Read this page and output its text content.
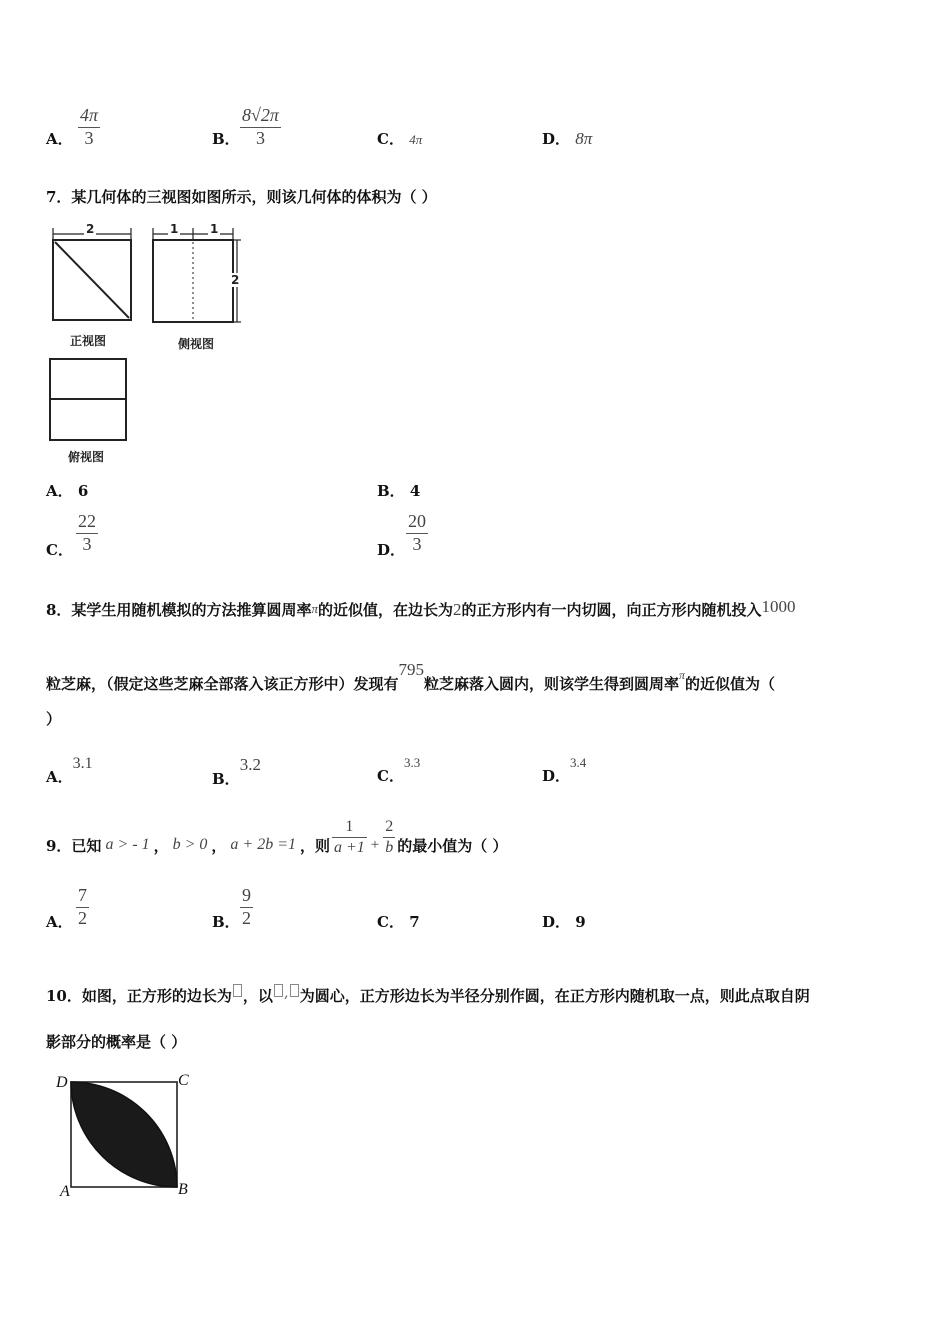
A．
4π
3	B．
8√2π
3	C． 4π	D． 8π
7．某几何体的三视图如图所示，则该几何体的体积为（ ）
2
正视图
1	1
2
侧视图
俯视图
A． 6	B． 4
C．
22
3	D．
20
3
8．某学生用随机模拟的方法推算圆周率π的近似值，在边长为2的正方形内有一内切圆，向正方形内随机投入1000
粒芝麻，（假定这些芝麻全部落入该正方形中）发现有795粒芝麻落入圆内，则该学生得到圆周率$^\pi$的近似值为（
）
A．3.1
B．3.2
C．3.3
D．3.4
9．已知 a > - 1 ， b > 0 ， a + 2b =1 ，则 $\frac{1}{a +1} + \frac{2}{b}$ 的最小值为（ ）
A．
7
2	B．
9
2	C． 7	D． 9
10．如图，正方形的边长为 ，以 , 为圆心，正方形边长为半径分别作圆，在正方形内随机取一点，则此点取自阴
影部分的概率是（ ）
D	C
A	B
